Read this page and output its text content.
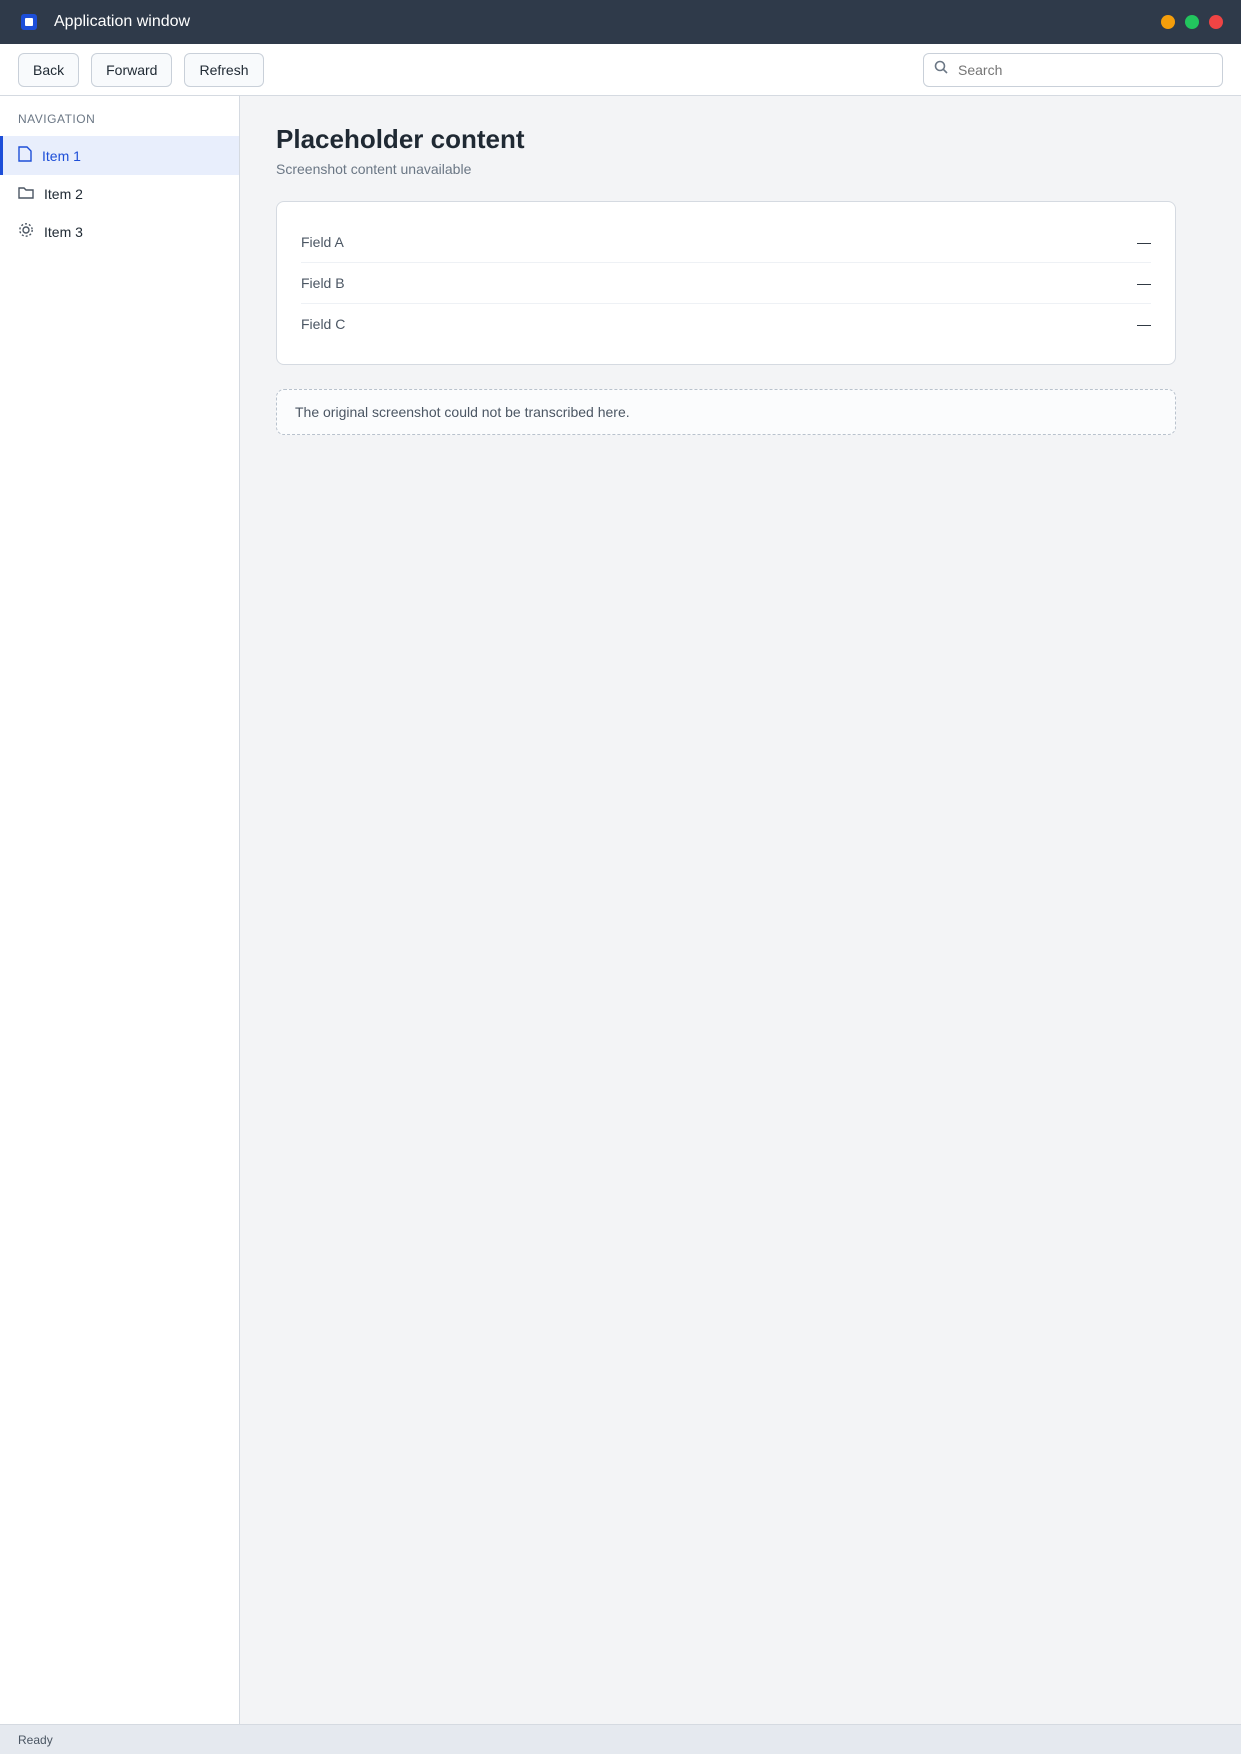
Application window
Back	Forward	Refresh
Search
NAVIGATION
Item 1
Item 2
Item 3
Placeholder content

Screenshot content unavailable

Field A	—
Field B	—
Field C	—
The original screenshot could not be transcribed here.
Ready
